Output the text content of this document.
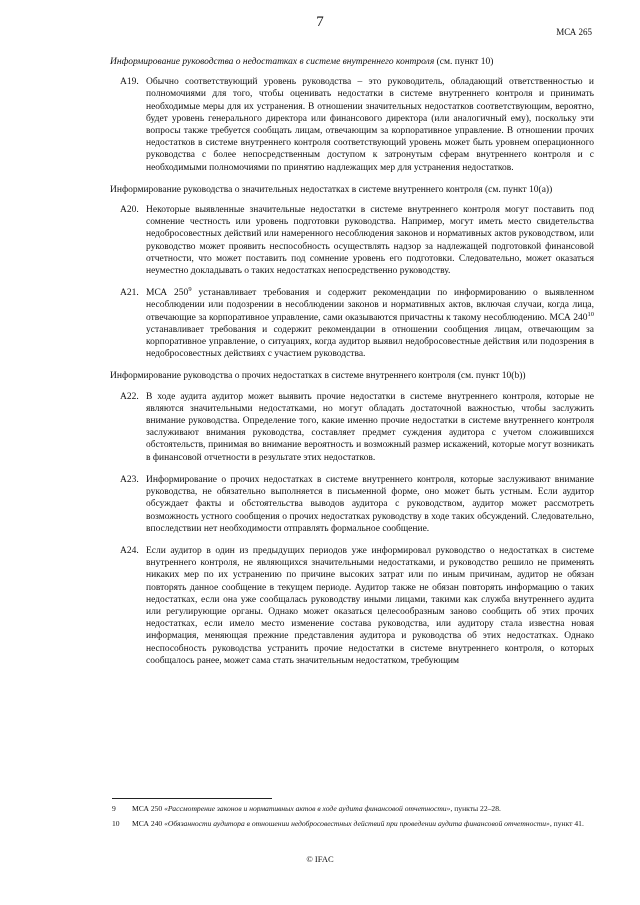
7
МСА 265
Информирование руководства о недостатках в системе внутреннего контроля (см. пункт 10)
A19. Обычно соответствующий уровень руководства – это руководитель, обладающий ответственностью и полномочиями для того, чтобы оценивать недостатки в системе внутреннего контроля и принимать необходимые меры для их устранения. В отношении значительных недостатков соответствующим, вероятно, будет уровень генерального директора или финансового директора (или аналогичный ему), поскольку эти вопросы также требуется сообщать лицам, отвечающим за корпоративное управление. В отношении прочих недостатков в системе внутреннего контроля соответствующий уровень может быть уровнем операционного руководства с более непосредственным доступом к затронутым сферам внутреннего контроля и с необходимыми полномочиями по принятию надлежащих мер для устранения недостатков.
Информирование руководства о значительных недостатках в системе внутреннего контроля (см. пункт 10(a))
A20. Некоторые выявленные значительные недостатки в системе внутреннего контроля могут поставить под сомнение честность или уровень подготовки руководства. Например, могут иметь место свидетельства недобросовестных действий или намеренного несоблюдения законов и нормативных актов руководством, или руководство может проявить неспособность осуществлять надзор за надлежащей подготовкой финансовой отчетности, что может поставить под сомнение уровень его подготовки. Следовательно, может оказаться неуместно докладывать о таких недостатках непосредственно руководству.
A21. МСА $250^9$ устанавливает требования и содержит рекомендации по информированию о выявленном несоблюдении или подозрении в несоблюдении законов и нормативных актов, включая случаи, когда лица, отвечающие за корпоративное управление, сами оказываются причастны к такому несоблюдению. МСА $240^{10}$ устанавливает требования и содержит рекомендации в отношении сообщения лицам, отвечающим за корпоративное управление, о ситуациях, когда аудитор выявил недобросовестные действия или подозрения в недобросовестных действиях с участием руководства.
Информирование руководства о прочих недостатках в системе внутреннего контроля (см. пункт 10(b))
A22. В ходе аудита аудитор может выявить прочие недостатки в системе внутреннего контроля, которые не являются значительными недостатками, но могут обладать достаточной важностью, чтобы заслужить внимание руководства. Определение того, какие именно прочие недостатки в системе внутреннего контроля заслуживают внимания руководства, составляет предмет суждения аудитора с учетом сложившихся обстоятельств, принимая во внимание вероятность и возможный размер искажений, которые могут возникать в финансовой отчетности в результате этих недостатков.
A23. Информирование о прочих недостатках в системе внутреннего контроля, которые заслуживают внимание руководства, не обязательно выполняется в письменной форме, оно может быть устным. Если аудитор обсуждает факты и обстоятельства выводов аудитора с руководством, аудитор может рассмотреть возможность устного сообщения о прочих недостатках руководству в ходе таких обсуждений. Следовательно, впоследствии нет необходимости отправлять формальное сообщение.
A24. Если аудитор в один из предыдущих периодов уже информировал руководство о недостатках в системе внутреннего контроля, не являющихся значительными недостатками, и руководство решило не применять никаких мер по их устранению по причине высоких затрат или по иным причинам, аудитор не обязан повторять данное сообщение в текущем периоде. Аудитор также не обязан повторять информацию о таких недостатках, если она уже сообщалась руководству иными лицами, такими как служба внутреннего аудита или регулирующие органы. Однако может оказаться целесообразным заново сообщить об этих прочих недостатках, если имело место изменение состава руководства, или аудитору стала известна новая информация, меняющая прежние представления аудитора и руководства об этих недостатках. Однако неспособность руководства устранить прочие недостатки в системе внутреннего контроля, о которых сообщалось ранее, может сама стать значительным недостатком, требующим
9	МСА 250 «Рассмотрение законов и нормативных актов в ходе аудита финансовой отчетности», пункты 22–28.
10	МСА 240 «Обязанности аудитора в отношении недобросовестных действий при проведении аудита финансовой отчетности», пункт 41.
© IFAC
